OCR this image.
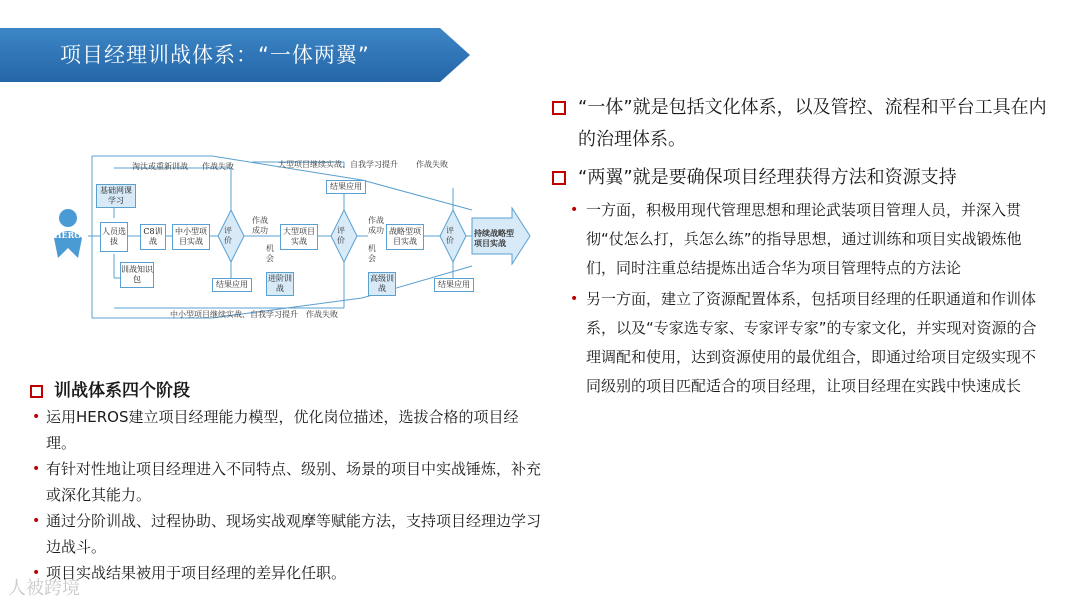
项目经理训战体系：“一体两翼”
HEROS
淘汰或重新训战 作战失败	大型项目继续实战、自我学习提升 作战失败
中小型项目继续实战、自我学习提升　作战失败
基础网课学习
人员选拔
C8训战
中小型项目实战
训战知识包
评价
作战成功	大型项目实战
机会
进阶训战
结果应用
结果应用
评价
作战成功
机会
战略型项目实战
高级训战
评价
结果应用
持续战略型项目实战
“一体”就是包括文化体系，以及管控、流程和平台工具在内的治理体系。
“两翼”就是要确保项目经理获得方法和资源支持
• 一方面，积极用现代管理思想和理论武装项目管理人员，并深入贯彻“仗怎么打，兵怎么练”的指导思想，通过训练和项目实战锻炼他们，同时注重总结提炼出适合华为项目管理特点的方法论
• 另一方面，建立了资源配置体系，包括项目经理的任职通道和作训体系，以及“专家选专家、专家评专家”的专家文化，并实现对资源的合理调配和使用，达到资源使用的最优组合，即通过给项目定级实现不同级别的项目匹配适合的项目经理，让项目经理在实践中快速成长
训战体系四个阶段
• 运用HEROS建立项目经理能力模型，优化岗位描述，选拔合格的项目经理。
• 有针对性地让项目经理进入不同特点、级别、场景的项目中实战锤炼，补充或深化其能力。
• 通过分阶训战、过程协助、现场实战观摩等赋能方法，支持项目经理边学习边战斗。
• 项目实战结果被用于项目经理的差异化任职。
人被跨境
